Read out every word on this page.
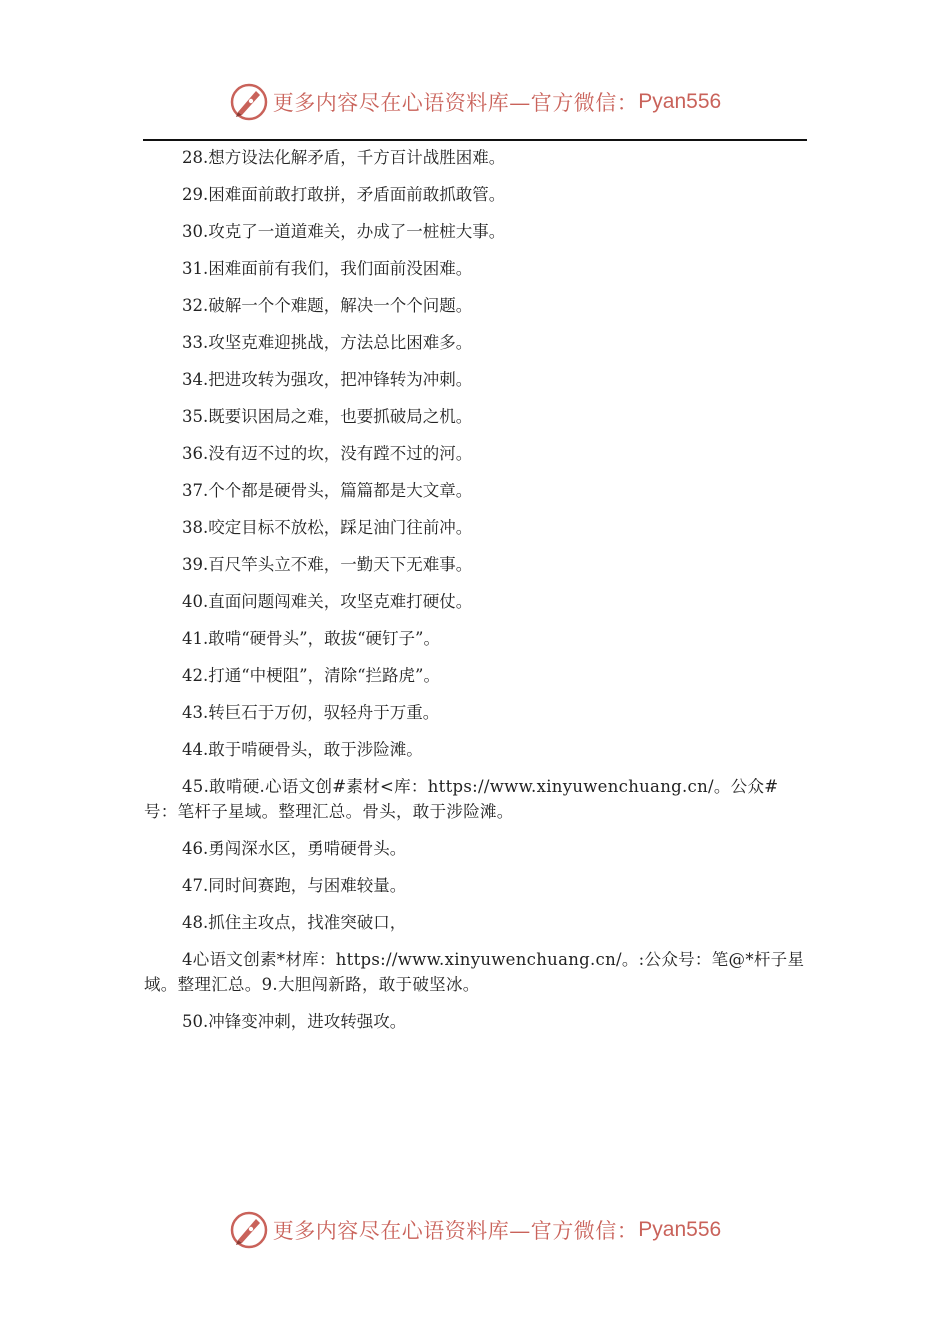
更多内容尽在心语资料库—官方微信： Pyan556

28.想方设法化解矛盾，千方百计战胜困难。

29.困难面前敢打敢拼，矛盾面前敢抓敢管。

30.攻克了一道道难关，办成了一桩桩大事。

31.困难面前有我们，我们面前没困难。

32.破解一个个难题，解决一个个问题。

33.攻坚克难迎挑战，方法总比困难多。

34.把进攻转为强攻，把冲锋转为冲刺。

35.既要识困局之难，也要抓破局之机。

36.没有迈不过的坎，没有蹚不过的河。

37.个个都是硬骨头，篇篇都是大文章。

38.咬定目标不放松，踩足油门往前冲。

39.百尺竿头立不难，一勤天下无难事。

40.直面问题闯难关，攻坚克难打硬仗。

41.敢啃“硬骨头”，敢拔“硬钉子”。

42.打通“中梗阻”，清除“拦路虎”。

43.转巨石于万仞，驭轻舟于万重。

44.敢于啃硬骨头，敢于涉险滩。

45.敢啃硬.心语文创#素材<库：https://www.xinyuwenchuang.cn/。公众#号：笔杆子星域。整理汇总。骨头，敢于涉险滩。

46.勇闯深水区，勇啃硬骨头。

47.同时间赛跑，与困难较量。

48.抓住主攻点，找准突破口，

4心语文创素*材库：https://www.xinyuwenchuang.cn/。:公众号：笔@*杆子星域。整理汇总。9.大胆闯新路，敢于破坚冰。

50.冲锋变冲刺，进攻转强攻。

更多内容尽在心语资料库—官方微信： Pyan556
